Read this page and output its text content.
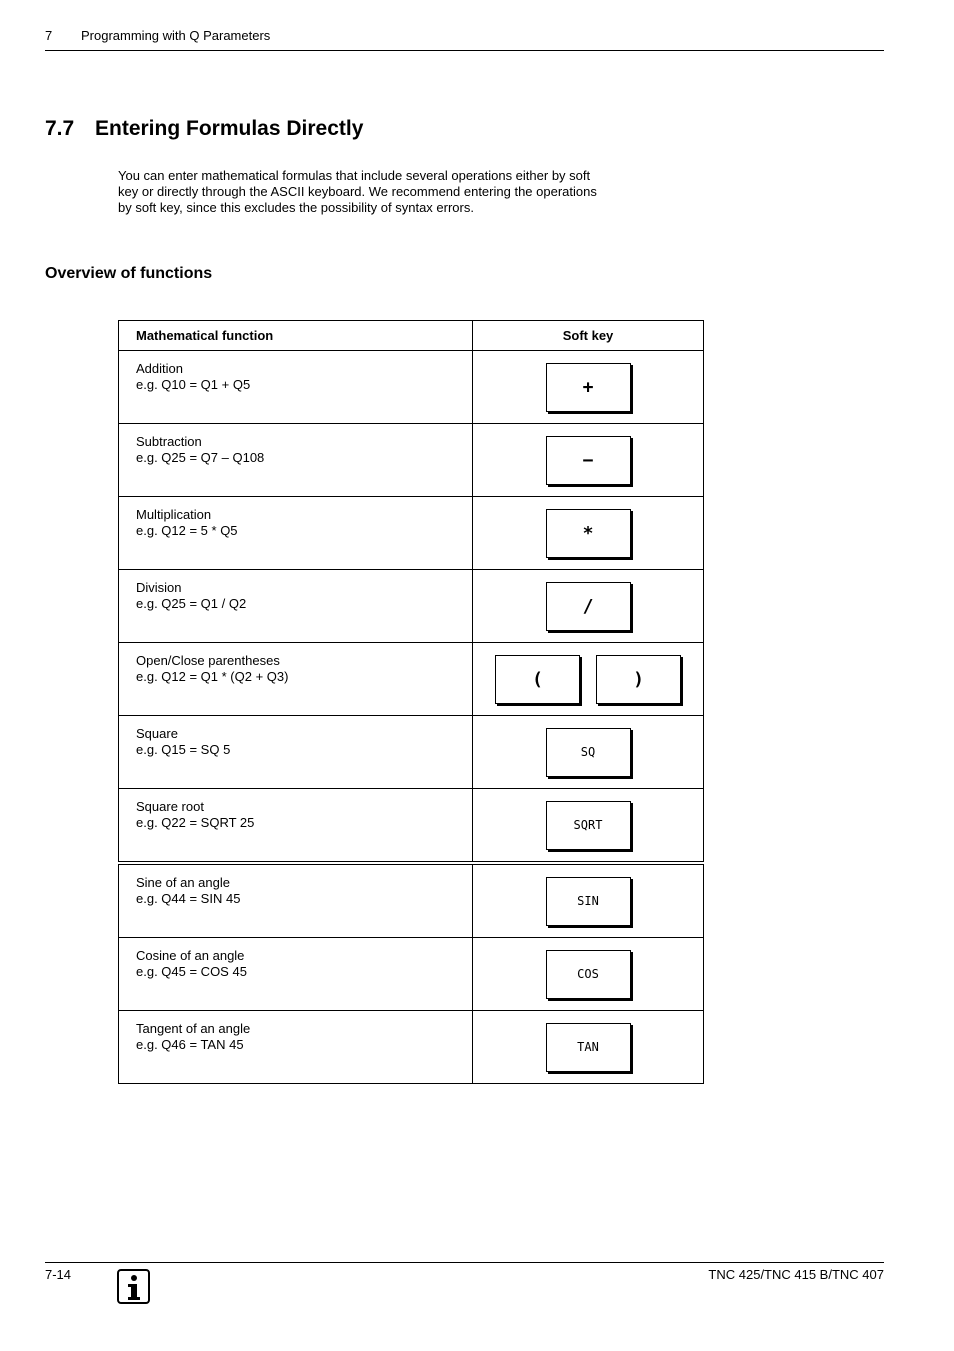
7 Programming with Q Parameters
7.7 Entering Formulas Directly
You can enter mathematical formulas that include several operations either by soft key or directly through the ASCII keyboard. We recommend entering the operations by soft key, since this excludes the possibility of syntax errors.
Overview of functions
Mathematical function	Soft key

Addition
e.g. Q10 = Q1 + Q5	+

Subtraction
e.g. Q25 = Q7 – Q108	−

Multiplication
e.g. Q12 = 5 * Q5	*

Division
e.g. Q25 = Q1 / Q2	/

Open/Close parentheses
e.g. Q12 = Q1 * (Q2 + Q3)	( )

Square
e.g. Q15 = SQ 5	SQ

Square root
e.g. Q22 = SQRT 25	SQRT

Sine of an angle
e.g. Q44 = SIN 45	SIN

Cosine of an angle
e.g. Q45 = COS 45	COS

Tangent of an angle
e.g. Q46 = TAN 45	TAN
7-14	TNC 425/TNC 415 B/TNC 407
